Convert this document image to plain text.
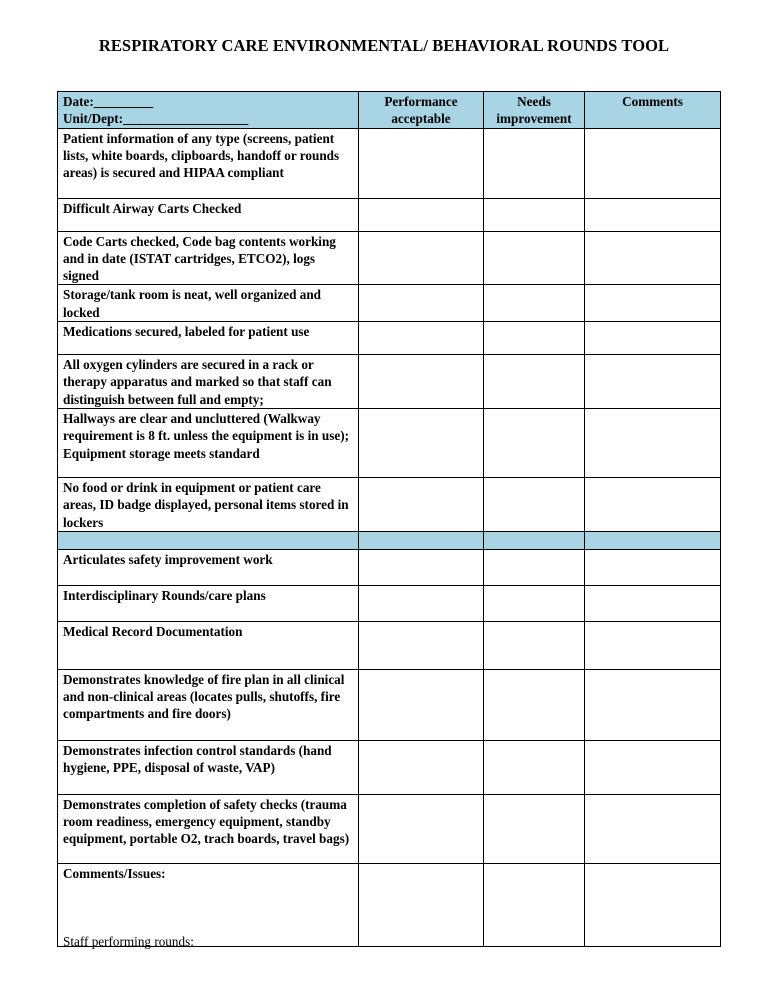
RESPIRATORY CARE ENVIRONMENTAL/ BEHAVIORAL ROUNDS TOOL
Date:_________
Unit/Dept:___________________	Performance acceptable	Needs improvement	Comments
Patient information of any type (screens, patient lists, white boards, clipboards, handoff or rounds areas) is secured and HIPAA compliant			
Difficult Airway Carts Checked			
Code Carts checked, Code bag contents working and in date (ISTAT cartridges, ETCO2), logs signed			
Storage/tank room is neat, well organized and locked			
Medications secured, labeled for patient use			
All oxygen cylinders are secured in a rack or therapy apparatus and marked so that staff can distinguish between full and empty;			
Hallways are clear and uncluttered (Walkway requirement is 8 ft. unless the equipment is in use); Equipment storage meets standard			
No food or drink in equipment or patient care areas, ID badge displayed, personal items stored in lockers			

Articulates safety improvement work			
Interdisciplinary Rounds/care plans			
Medical Record Documentation			
Demonstrates knowledge of fire plan in all clinical and non-clinical areas (locates pulls, shutoffs, fire compartments and fire doors)			
Demonstrates infection control standards (hand hygiene, PPE, disposal of waste, VAP)			
Demonstrates completion of safety checks (trauma room readiness, emergency equipment, standby equipment, portable O2, trach boards, travel bags)			
Comments/Issues:			
Staff performing rounds:
